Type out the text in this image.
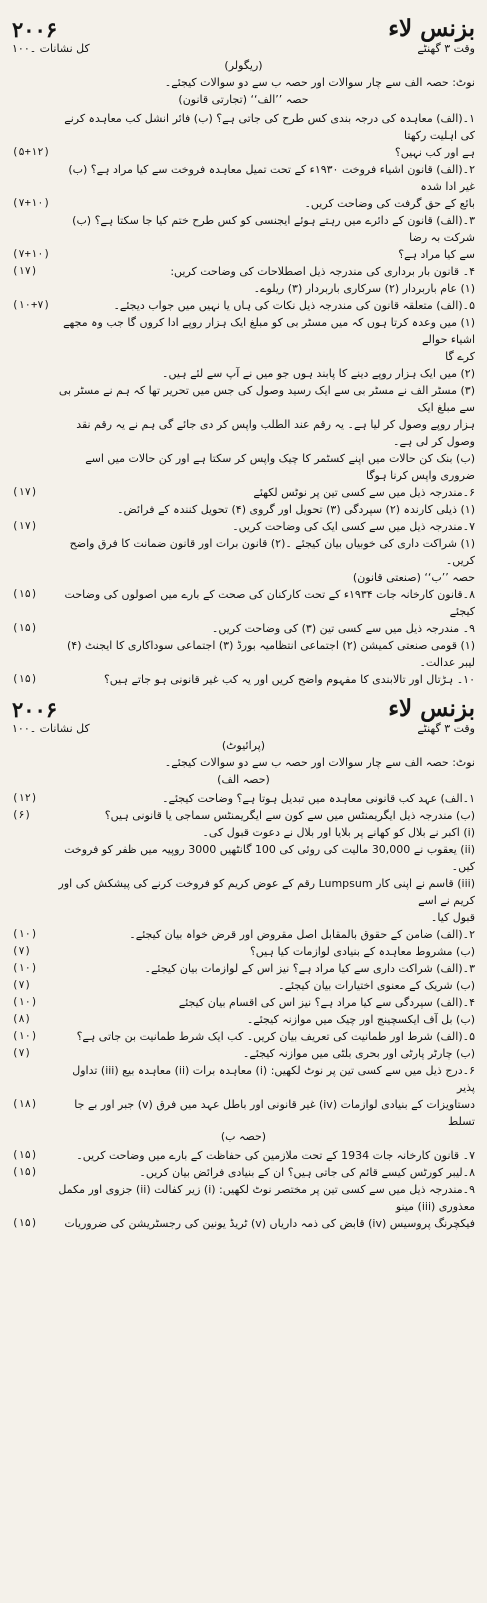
۲۰۰۶	بزنس لاء
وقت ۳ گھنٹے
کل نشانات ۔۱۰۰
(ریگولر)
نوٹ: حصہ الف سے چار سوالات اور حصہ ب سے دو سوالات کیجئے۔
حصہ ’’الف‘‘ (تجارتی قانون)
۱۔(الف) معاہدہ کی درجہ بندی کس طرح کی جاتی ہے؟ (ب) فائر انشل کب معاہدہ کرنے کی اہلیت رکھتا
ہے اور کب نہیں؟
(۵+۱۲)
۲۔(الف) قانون اشیاء فروخت ۱۹۳۰ء کے تحت تمیل معاہدہ فروخت سے کیا مراد ہے؟ (ب) غیر ادا شدہ
بائع کے حق گرفت کی وضاحت کریں۔
(۷+۱۰)
۳۔(الف) قانون کے دائرے میں رہتے ہوئے ایجنسی کو کس طرح ختم کیا جا سکتا ہے؟ (ب) شرکت بہ رضا
سے کیا مراد ہے؟
(۷+۱۰)
۴۔ قانون بار برداری کی مندرجہ ذیل اصطلاحات کی وضاحت کریں:
(۱۷)
(۱) عام باربردار (۲) سرکاری باربردار (۳) ریلوے۔
۵۔(الف) متعلقہ قانون کی مندرجہ ذیل نکات کی ہاں یا نہیں میں جواب دیجئے۔
(۱۰+۷)
(۱) میں وعدہ کرتا ہوں کہ میں مسٹر بی کو مبلغ ایک ہزار روپے ادا کروں گا جب وہ مجھے اشیاء حوالے
کرے گا
(۲) میں ایک ہزار روپے دینے کا پابند ہوں جو میں نے آپ سے لئے ہیں۔
(۳) مسٹر الف نے مسٹر بی سے ایک رسید وصول کی جس میں تحریر تھا کہ ہم نے مسٹر بی سے مبلغ ایک
ہزار روپے وصول کر لیا ہے۔ یہ رقم عند الطلب واپس کر دی جائے گی ہم نے یہ رقم نقد وصول کر لی ہے۔
(ب) بنک کن حالات میں اپنے کسٹمر کا چیک واپس کر سکتا ہے اور کن حالات میں اسے ضروری واپس کرنا ہوگا
۶۔مندرجہ ذیل میں سے کسی تین پر نوٹس لکھئے
(۱۷)
(۱) ذیلی کارندہ (۲) سپردگی (۳) تحویل اور گروی (۴) تحویل کنندہ کے فرائض۔
۷۔مندرجہ ذیل میں سے کسی ایک کی وضاحت کریں۔
(۱۷)
(۱) شراکت داری کی خوبیاں بیان کیجئے ۔(۲) قانون برات اور قانون ضمانت کا فرق واضح کریں۔
حصہ ’’ب‘‘ (صنعتی قانون)
۸۔قانون کارخانہ جات ۱۹۳۴ء کے تحت کارکنان کی صحت کے بارے میں اصولوں کی وضاحت کیجئے
(۱۵)
۹۔ مندرجہ ذیل میں سے کسی تین (۳) کی وضاحت کریں۔
(۱۵)
(۱) قومی صنعتی کمیشن (۲) اجتماعی انتظامیہ بورڈ (۳) اجتماعی سوداکاری کا ایجنٹ (۴) لیبر عدالت۔
۱۰۔ ہڑتال اور تالابندی کا مفہوم واضح کریں اور یہ کب غیر قانونی ہو جاتے ہیں؟
(۱۵)
۲۰۰۶	بزنس لاء
وقت ۳ گھنٹے
کل نشانات ۔۱۰۰
(پرائیوٹ)
نوٹ: حصہ الف سے چار سوالات اور حصہ ب سے دو سوالات کیجئے۔
(حصہ الف)
۱۔الف) عہد کب قانونی معاہدہ میں تبدیل ہوتا ہے؟ وضاحت کیجئے۔
(۱۲)
(ب) مندرجہ ذیل ایگریمنٹس میں سے کون سے ایگریمنٹس سماجی یا قانونی ہیں؟
(۶)
(i) اکبر نے بلال کو کھانے پر بلایا اور بلال نے دعوت قبول کی۔
(ii) یعقوب نے 30,000 مالیت کی روئی کی 100 گانٹھیں 3000 روپیہ میں ظفر کو فروخت کیں۔
(iii) قاسم نے اپنی کار Lumpsum رقم کے عوض کریم کو فروخت کرنے کی پیشکش کی اور کریم نے اسے
قبول کیا۔
۲۔(الف) ضامن کے حقوق بالمقابل اصل مقروض اور قرض خواہ بیان کیجئے۔
(۱۰)
(ب) مشروط معاہدہ کے بنیادی لوازمات کیا ہیں؟
(۷)
۳۔(الف) شراکت داری سے کیا مراد ہے؟ نیز اس کے لوازمات بیان کیجئے۔
(۱۰)
(ب) شریک کے معنوی اختیارات بیان کیجئے۔
(۷)
۴۔(الف) سپردگی سے کیا مراد ہے؟ نیز اس کی اقسام بیان کیجئے
(۱۰)
(ب) بل آف ایکسچینج اور چیک میں موازنہ کیجئے۔
(۸)
۵۔(الف) شرط اور طمانیت کی تعریف بیان کریں۔ کب ایک شرط طمانیت بن جاتی ہے؟
(۱۰)
(ب) چارٹر پارٹی اور بحری بلٹی میں موازنہ کیجئے۔
(۷)
۶۔درج ذیل میں سے کسی تین پر نوٹ لکھیں: (i) معاہدہ برات (ii) معاہدہ بیع (iii) تداول پذیر
دستاویزات کے بنیادی لوازمات (iv) غیر قانونی اور باطل عہد میں فرق (v) جبر اور بے جا تسلط
(۱۸)
(حصہ ب)
۷۔ قانون کارخانہ جات 1934 کے تحت ملازمین کی حفاظت کے بارے میں وضاحت کریں۔
(۱۵)
۸۔لیبر کورٹس کیسے قائم کی جاتی ہیں؟ ان کے بنیادی فرائض بیان کریں۔
(۱۵)
۹۔مندرجہ ذیل میں سے کسی تین پر مختصر نوٹ لکھیں: (i) زیر کفالت (ii) جزوی اور مکمل معذوری (iii) مینو
فیکچرنگ پروسیس (iv) قابض کی ذمہ داریاں (v) ٹریڈ یونین کی رجسٹریشن کی ضروریات
(۱۵)
